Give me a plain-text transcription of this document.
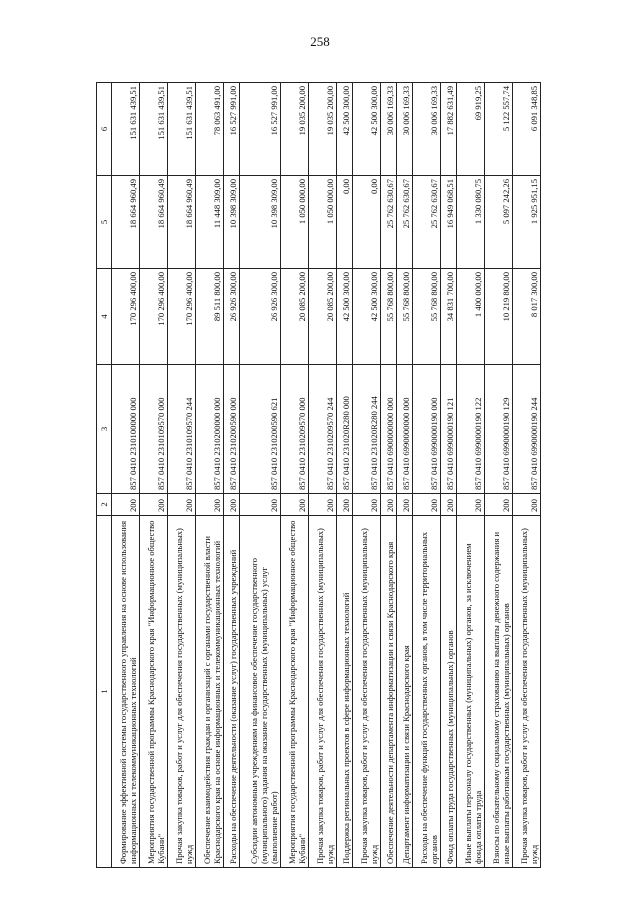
258
1	2	3	4	5	6
Формирование эффективной системы государственного управления на основе использования информационных и телекоммуникационных технологий	200	857 0410 2310100000 000	170 296 400,00	18 664 960,49	151 631 439,51
Мероприятия государственной программы Краснодарского края "Информационное общество Кубани"	200	857 0410 2310109570 000	170 296 400,00	18 664 960,49	151 631 439,51
Прочая закупка товаров, работ и услуг для обеспечения государственных (муниципальных) нужд	200	857 0410 2310109570 244	170 296 400,00	18 664 960,49	151 631 439,51
Обеспечение взаимодействия граждан и организаций с органами государственной власти Краснодарского края на основе информационных и телекоммуникационных технологий	200	857 0410 2310200000 000	89 511 800,00	11 448 309,00	78 063 491,00
Расходы на обеспечение деятельности (оказание услуг) государственных учреждений	200	857 0410 2310200590 000	26 926 300,00	10 398 309,00	16 527 991,00
Субсидии автономным учреждениям на финансовое обеспечение государственного (муниципального) задания на оказание государственных (муниципальных) услуг (выполнение работ)	200	857 0410 2310200590 621	26 926 300,00	10 398 309,00	16 527 991,00
Мероприятия государственной программы Краснодарского края "Информационное общество Кубани"	200	857 0410 2310209570 000	20 085 200,00	1 050 000,00	19 035 200,00
Прочая закупка товаров, работ и услуг для обеспечения государственных (муниципальных) нужд	200	857 0410 2310209570 244	20 085 200,00	1 050 000,00	19 035 200,00
Поддержка региональных проектов в сфере информационных технологий	200	857 0410 231020R280 000	42 500 300,00	0,00	42 500 300,00
Прочая закупка товаров, работ и услуг для обеспечения государственных (муниципальных) нужд	200	857 0410 231020R280 244	42 500 300,00	0,00	42 500 300,00
Обеспечение деятельности департамента информатизации и связи Краснодарского края	200	857 0410 6900000000 000	55 768 800,00	25 762 630,67	30 006 169,33
Департамент информатизации и связи Краснодарского края	200	857 0410 6990000000 000	55 768 800,00	25 762 630,67	30 006 169,33
Расходы на обеспечение функций государственных органов, в том числе территориальных органов	200	857 0410 6990000190 000	55 768 800,00	25 762 630,67	30 006 169,33
Фонд оплаты труда государственных (муниципальных) органов	200	857 0410 6990000190 121	34 831 700,00	16 949 068,51	17 882 631,49
Иные выплаты персоналу государственных (муниципальных) органов, за исключением фонда оплаты труда	200	857 0410 6990000190 122	1 400 000,00	1 330 080,75	69 919,25
Взносы по обязательному социальному страхованию на выплаты денежного содержания и иные выплаты работникам государственных (муниципальных) органов	200	857 0410 6990000190 129	10 219 800,00	5 097 242,26	5 122 557,74
Прочая закупка товаров, работ и услуг для обеспечения государственных (муниципальных) нужд	200	857 0410 6990000190 244	8 017 300,00	1 925 951,15	6 091 348,85
